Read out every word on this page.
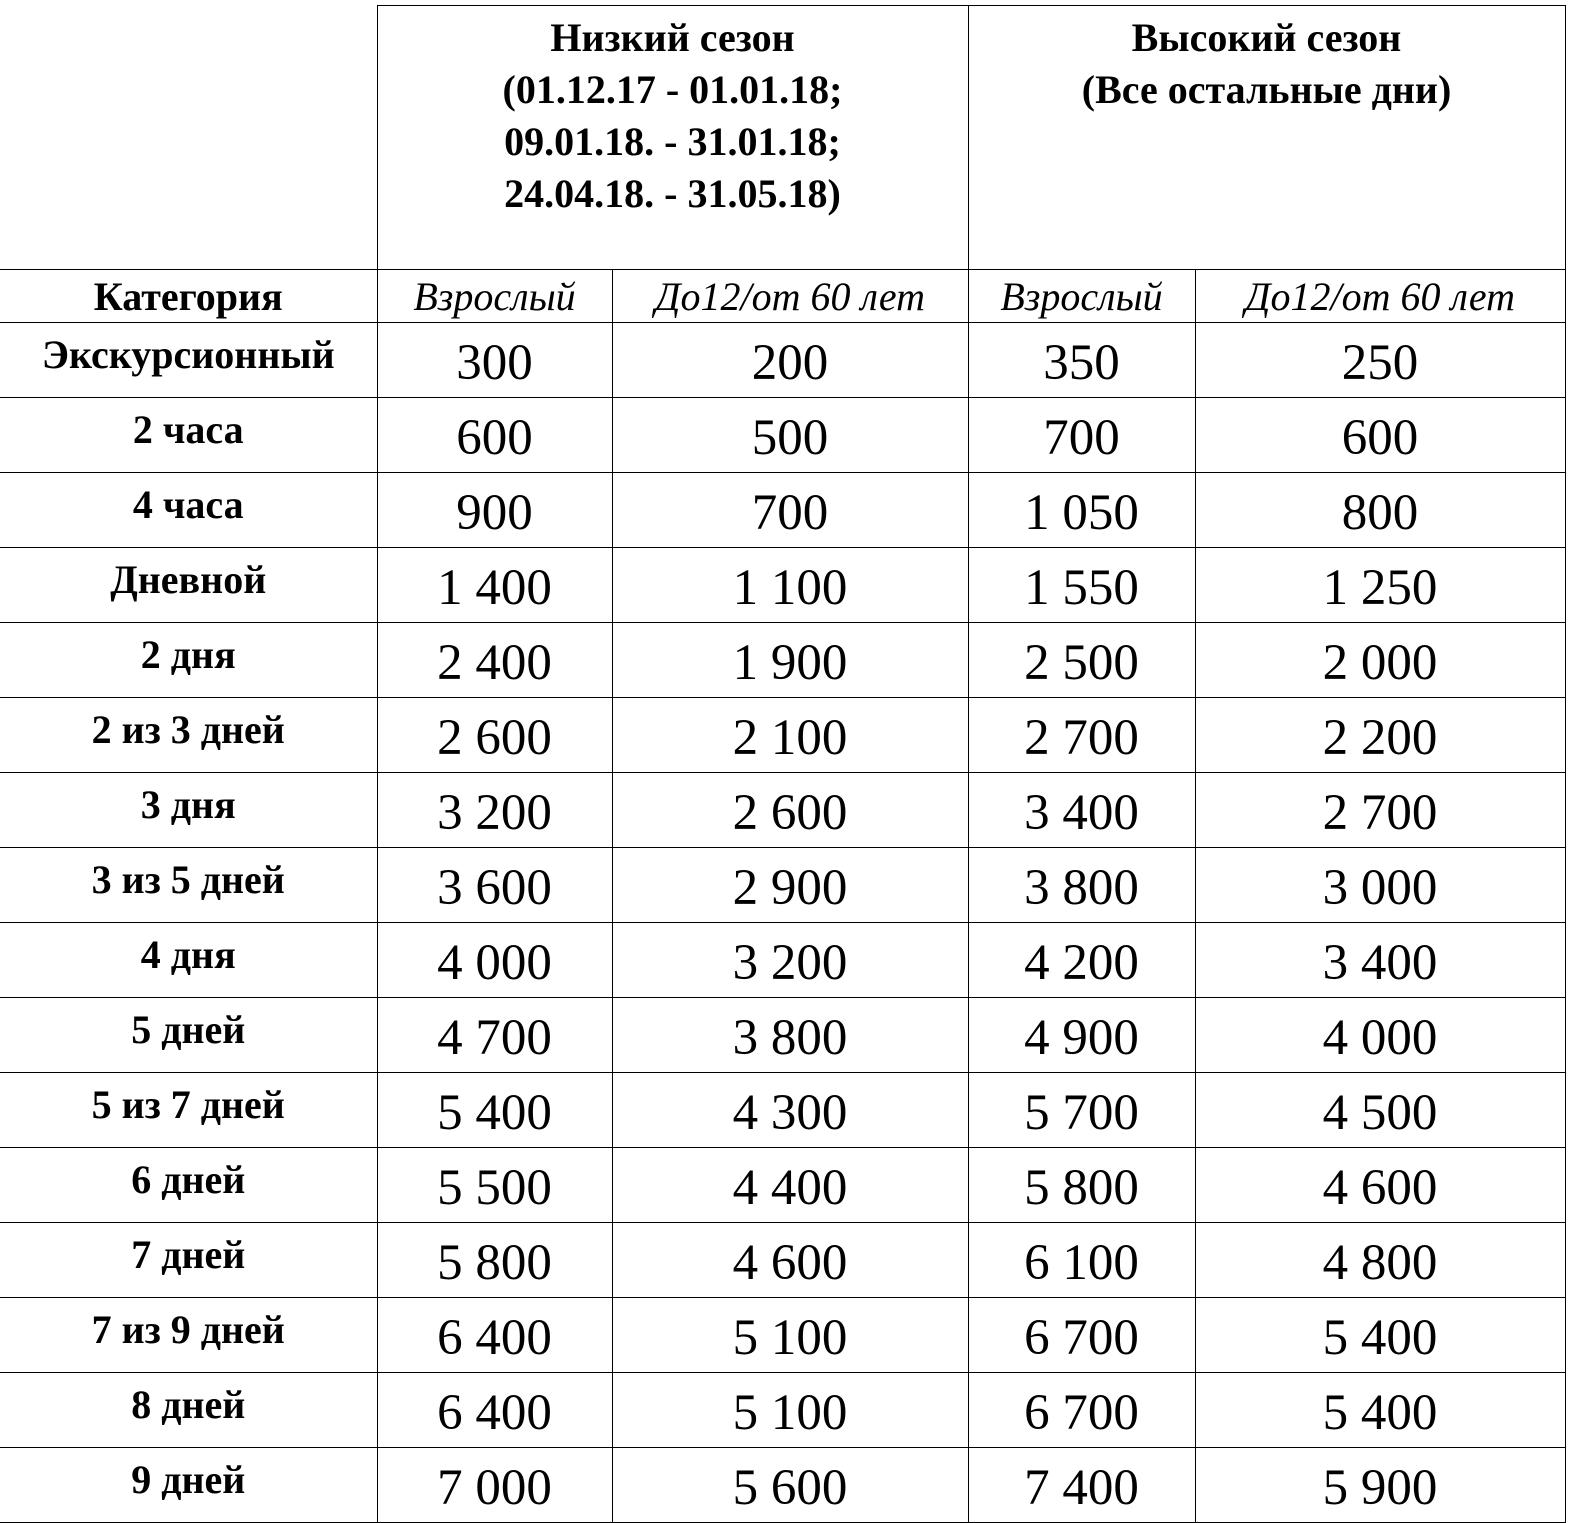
	Низкий сезон
(01.12.17 - 01.01.18;
09.01.18. - 31.01.18;
24.04.18. - 31.05.18)		Высокий сезон
(Все остальные дни)	

Категория	Взрослый	До12/от 60 лет	Взрослый	До12/от 60 лет
Экскурсионный	300	200	350	250
2 часа	600	500	700	600
4 часа	900	700	1 050	800
Дневной	1 400	1 100	1 550	1 250
2 дня	2 400	1 900	2 500	2 000
2 из 3 дней	2 600	2 100	2 700	2 200
3 дня	3 200	2 600	3 400	2 700
3 из 5 дней	3 600	2 900	3 800	3 000
4 дня	4 000	3 200	4 200	3 400
5 дней	4 700	3 800	4 900	4 000
5 из 7 дней	5 400	4 300	5 700	4 500
6 дней	5 500	4 400	5 800	4 600
7 дней	5 800	4 600	6 100	4 800
7 из 9 дней	6 400	5 100	6 700	5 400
8 дней	6 400	5 100	6 700	5 400
9 дней	7 000	5 600	7 400	5 900
